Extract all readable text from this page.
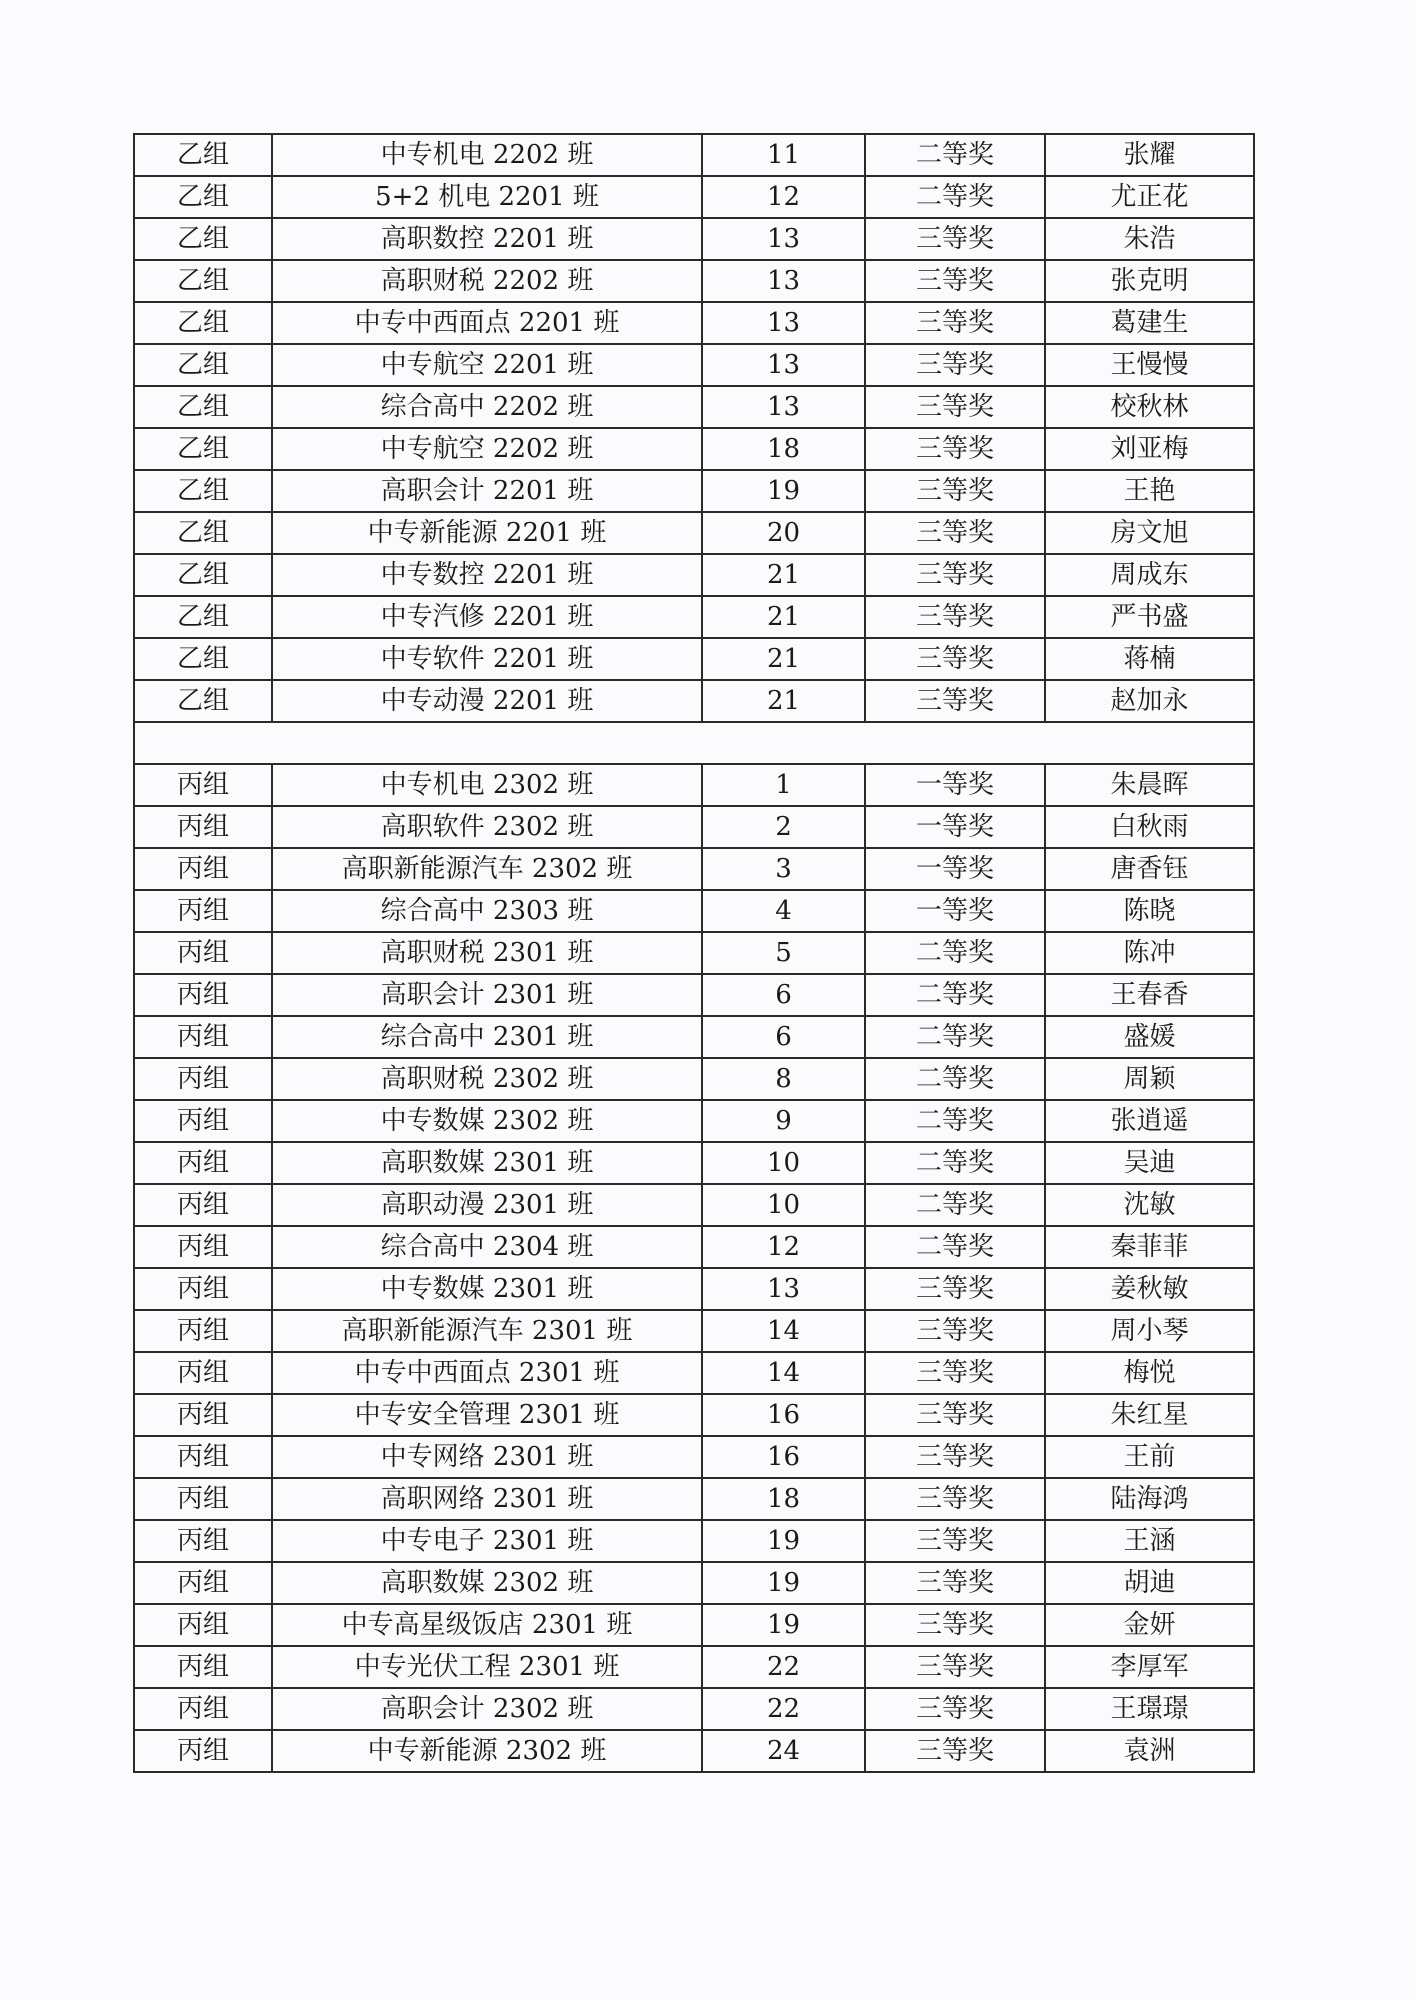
乙组	中专机电 2202 班	11	二等奖	张耀
乙组	5+2 机电 2201 班	12	二等奖	尤正花
乙组	高职数控 2201 班	13	三等奖	朱浩
乙组	高职财税 2202 班	13	三等奖	张克明
乙组	中专中西面点 2201 班	13	三等奖	葛建生
乙组	中专航空 2201 班	13	三等奖	王慢慢
乙组	综合高中 2202 班	13	三等奖	校秋林
乙组	中专航空 2202 班	18	三等奖	刘亚梅
乙组	高职会计 2201 班	19	三等奖	王艳
乙组	中专新能源 2201 班	20	三等奖	房文旭
乙组	中专数控 2201 班	21	三等奖	周成东
乙组	中专汽修 2201 班	21	三等奖	严书盛
乙组	中专软件 2201 班	21	三等奖	蒋楠
乙组	中专动漫 2201 班	21	三等奖	赵加永

丙组	中专机电 2302 班	1	一等奖	朱晨晖
丙组	高职软件 2302 班	2	一等奖	白秋雨
丙组	高职新能源汽车 2302 班	3	一等奖	唐香钰
丙组	综合高中 2303 班	4	一等奖	陈晓
丙组	高职财税 2301 班	5	二等奖	陈冲
丙组	高职会计 2301 班	6	二等奖	王春香
丙组	综合高中 2301 班	6	二等奖	盛媛
丙组	高职财税 2302 班	8	二等奖	周颖
丙组	中专数媒 2302 班	9	二等奖	张逍遥
丙组	高职数媒 2301 班	10	二等奖	吴迪
丙组	高职动漫 2301 班	10	二等奖	沈敏
丙组	综合高中 2304 班	12	二等奖	秦菲菲
丙组	中专数媒 2301 班	13	三等奖	姜秋敏
丙组	高职新能源汽车 2301 班	14	三等奖	周小琴
丙组	中专中西面点 2301 班	14	三等奖	梅悦
丙组	中专安全管理 2301 班	16	三等奖	朱红星
丙组	中专网络 2301 班	16	三等奖	王前
丙组	高职网络 2301 班	18	三等奖	陆海鸿
丙组	中专电子 2301 班	19	三等奖	王涵
丙组	高职数媒 2302 班	19	三等奖	胡迪
丙组	中专高星级饭店 2301 班	19	三等奖	金妍
丙组	中专光伏工程 2301 班	22	三等奖	李厚军
丙组	高职会计 2302 班	22	三等奖	王璟璟
丙组	中专新能源 2302 班	24	三等奖	袁洲
